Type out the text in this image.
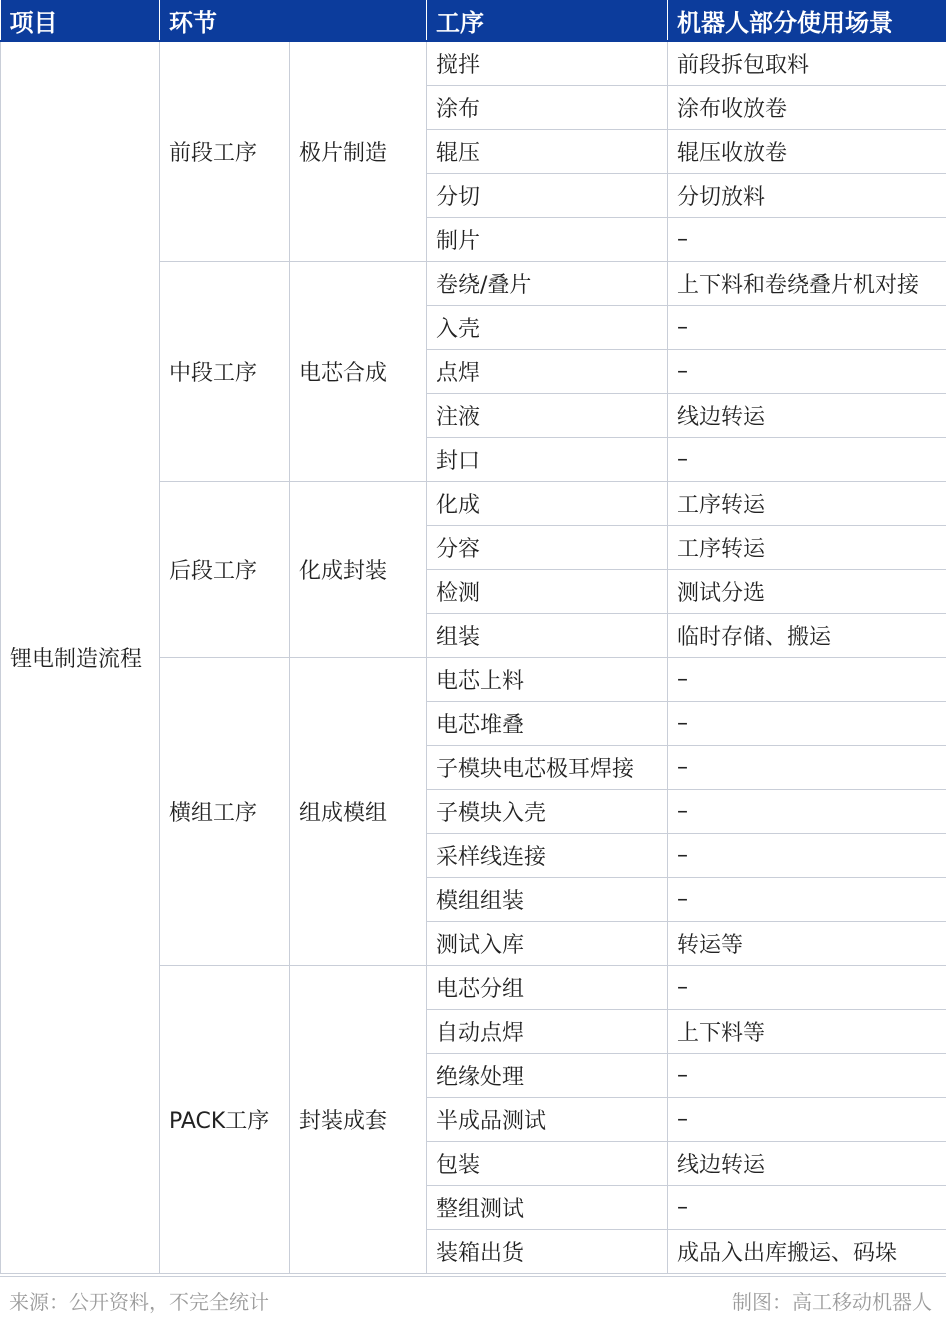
项目	环节		工序	机器人部分使用场景
锂电制造流程	前段工序	极片制造	搅拌	前段拆包取料
			涂布	涂布收放卷
			辊压	辊压收放卷
			分切	分切放料
			制片	–
	中段工序	电芯合成	卷绕/叠片	上下料和卷绕叠片机对接
			入壳	–
			点焊	–
			注液	线边转运
			封口	–
	后段工序	化成封装	化成	工序转运
			分容	工序转运
			检测	测试分选
			组装	临时存储、搬运
	横组工序	组成模组	电芯上料	–
			电芯堆叠	–
			子模块电芯极耳焊接	–
			子模块入壳	–
			采样线连接	–
			模组组装	–
			测试入库	转运等
	PACK工序	封装成套	电芯分组	–
			自动点焊	上下料等
			绝缘处理	–
			半成品测试	–
			包装	线边转运
			整组测试	–
			装箱出货	成品入出库搬运、码垛
来源：公开资料，不完全统计	制图：高工移动机器人
